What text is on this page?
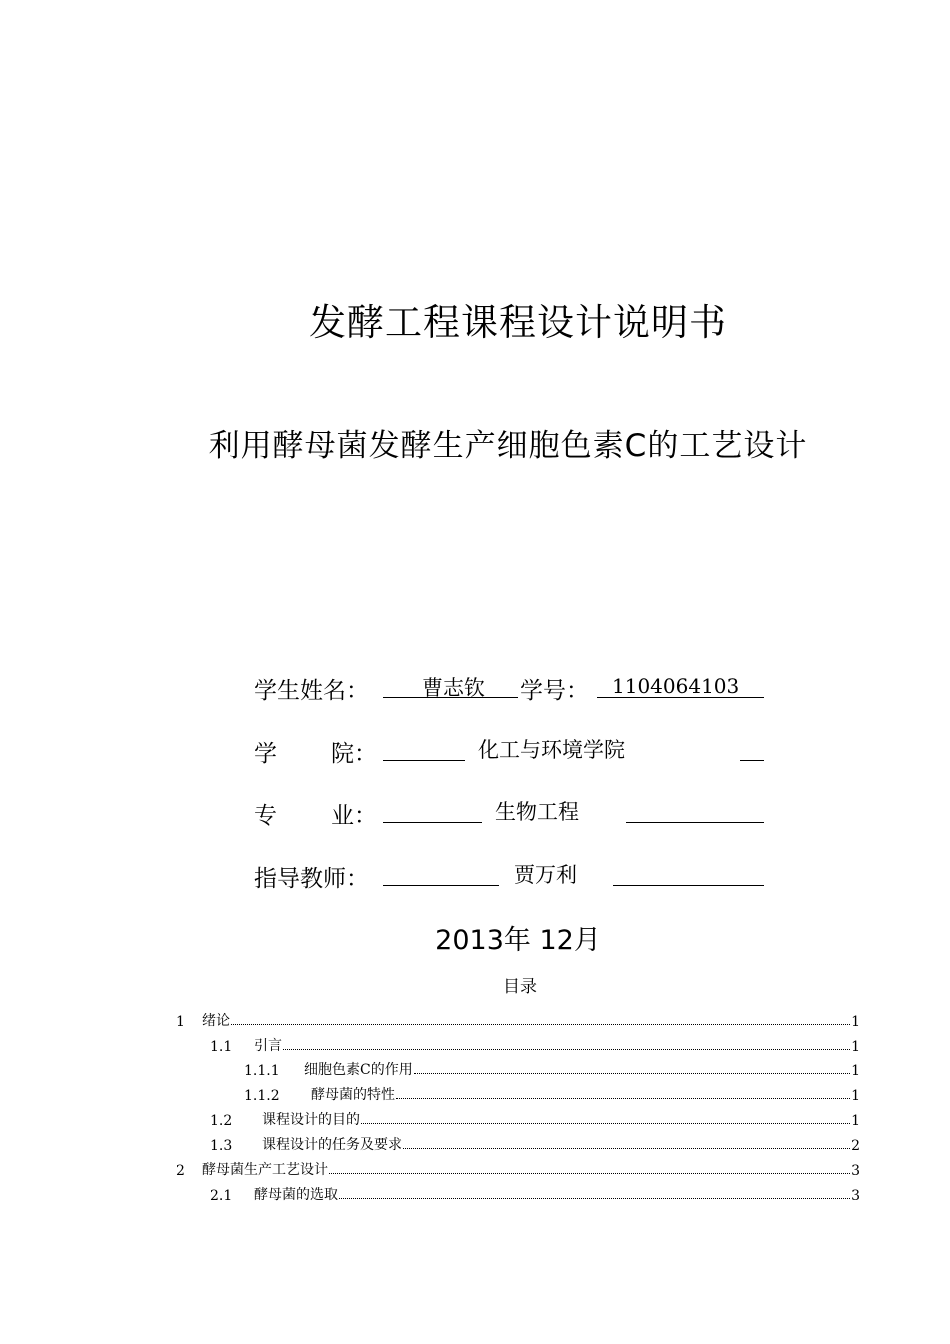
发酵工程课程设计说明书
利用酵母菌发酵生产细胞色素C的工艺设计
学生姓名：	曹志钦 学号： 1104064103
学 院：	化工与环境学院
专 业：	生物工程
指导教师：	贾万利
2013年 12月
目录
1	绪论	1
1.1	引言	1
1.1.1	细胞色素C的作用	1
1.1.2	酵母菌的特性	1
1.2	课程设计的目的	1
1.3	课程设计的任务及要求	2
2	酵母菌生产工艺设计	3
2.1	酵母菌的选取	3
